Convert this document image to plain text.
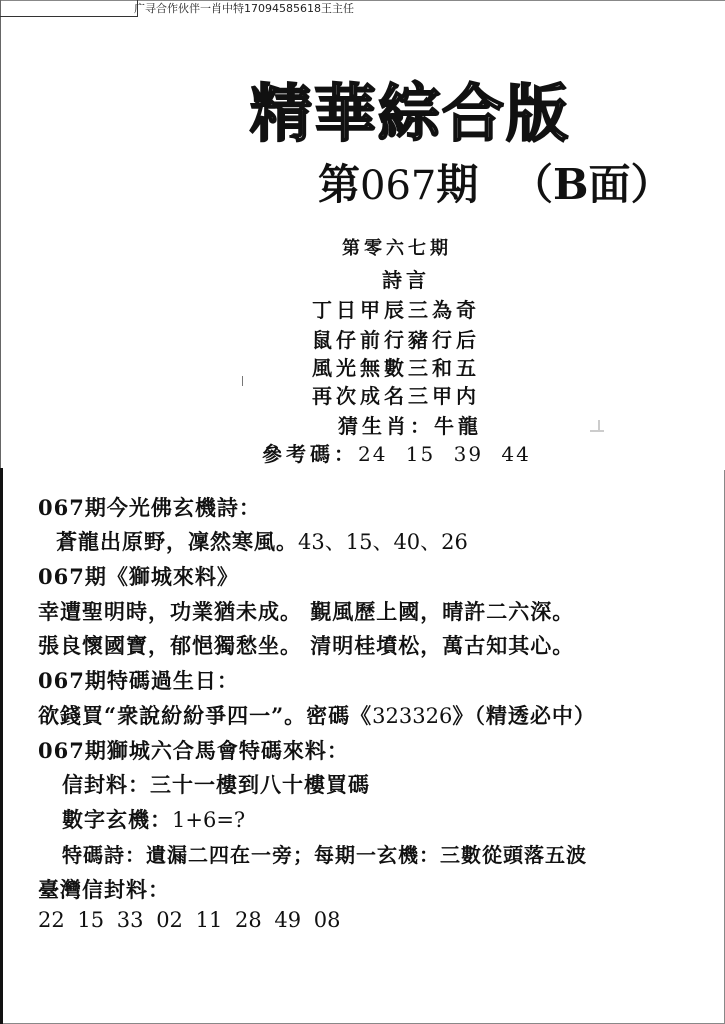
广寻合作伙伴一肖中特17094585618王主任
精華綜合版
第067期 （B面）
第零六七期
詩言
丁日甲辰三為奇
鼠仔前行豬行后
風光無數三和五
再次成名三甲内
猜生肖：牛龍
參考碼：24 15 39 44
067期今光佛玄機詩：
蒼龍出原野，凜然寒風。43、15、40、26
067期《獅城來料》
幸遭聖明時，功業猶未成。 覲風歷上國，晴許二六深。
張良懷國寶，郁悒獨愁坐。 清明桂墳松，萬古知其心。
067期特碼過生日：
欲錢買“衆說紛紛爭四一”。密碼《323326》（精透必中）
067期獅城六合馬會特碼來料：
信封料：三十一樓到八十樓買碼
數字玄機：1+6=?
特碼詩：遺漏二四在一旁；每期一玄機：三數從頭落五波
臺灣信封料：
22 15 33 02 11 28 49 08
